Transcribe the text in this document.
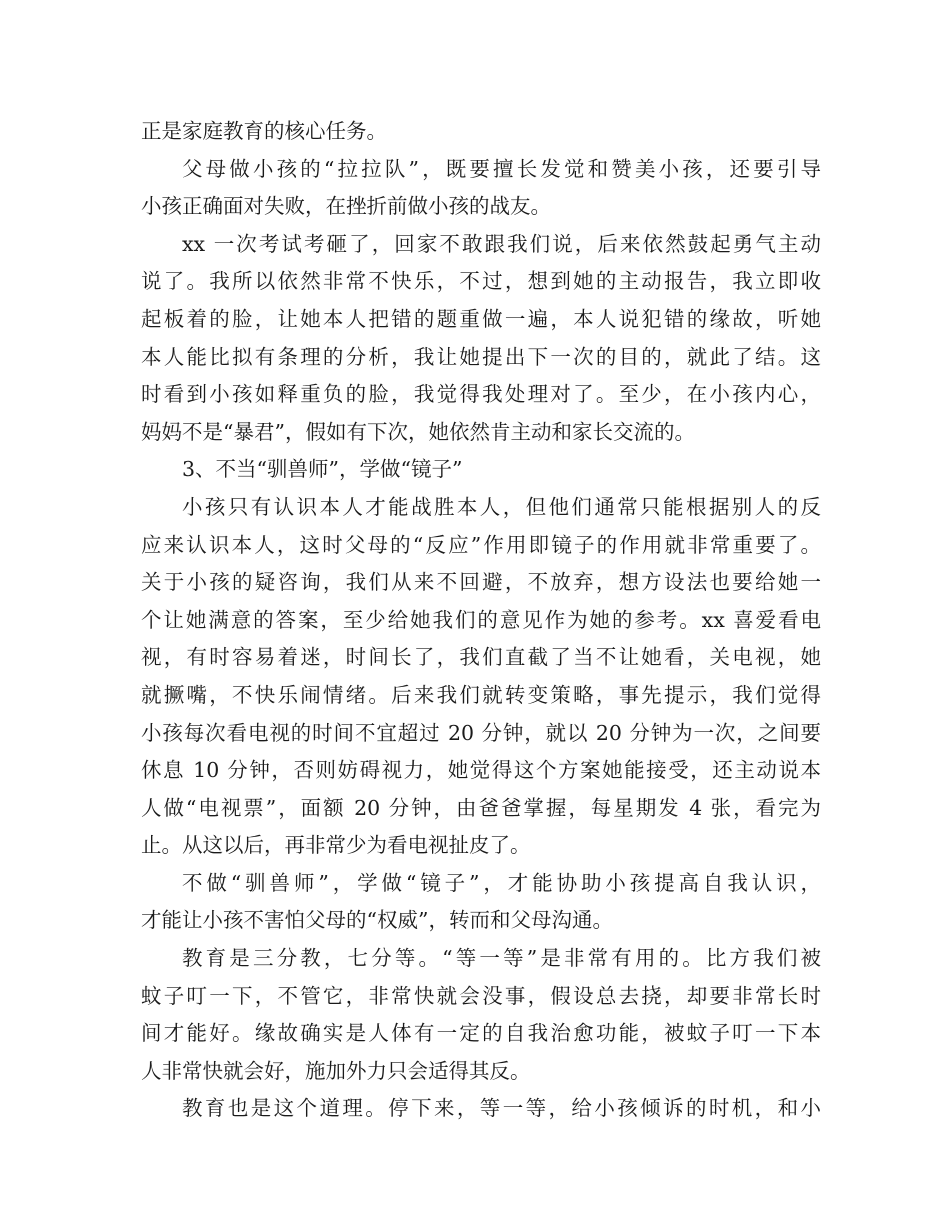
正是家庭教育的核心任务。
父母做小孩的“拉拉队”，既要擅长发觉和赞美小孩，还要引导
小孩正确面对失败，在挫折前做小孩的战友。
xx 一次考试考砸了，回家不敢跟我们说，后来依然鼓起勇气主动
说了。我所以依然非常不快乐，不过，想到她的主动报告，我立即收
起板着的脸，让她本人把错的题重做一遍，本人说犯错的缘故，听她
本人能比拟有条理的分析，我让她提出下一次的目的，就此了结。这
时看到小孩如释重负的脸，我觉得我处理对了。至少，在小孩内心，
妈妈不是“暴君”，假如有下次，她依然肯主动和家长交流的。
3、不当“驯兽师”，学做“镜子”
小孩只有认识本人才能战胜本人，但他们通常只能根据别人的反
应来认识本人，这时父母的“反应”作用即镜子的作用就非常重要了。
关于小孩的疑咨询，我们从来不回避，不放弃，想方设法也要给她一
个让她满意的答案，至少给她我们的意见作为她的参考。xx 喜爱看电
视，有时容易着迷，时间长了，我们直截了当不让她看，关电视，她
就撅嘴，不快乐闹情绪。后来我们就转变策略，事先提示，我们觉得
小孩每次看电视的时间不宜超过 20 分钟，就以 20 分钟为一次，之间要
休息 10 分钟，否则妨碍视力，她觉得这个方案她能接受，还主动说本
人做“电视票”，面额 20 分钟，由爸爸掌握，每星期发 4 张，看完为
止。从这以后，再非常少为看电视扯皮了。
不做“驯兽师”，学做“镜子”，才能协助小孩提高自我认识，
才能让小孩不害怕父母的“权威”，转而和父母沟通。
教育是三分教，七分等。“等一等”是非常有用的。比方我们被
蚊子叮一下，不管它，非常快就会没事，假设总去挠，却要非常长时
间才能好。缘故确实是人体有一定的自我治愈功能，被蚊子叮一下本
人非常快就会好，施加外力只会适得其反。
教育也是这个道理。停下来，等一等，给小孩倾诉的时机，和小
